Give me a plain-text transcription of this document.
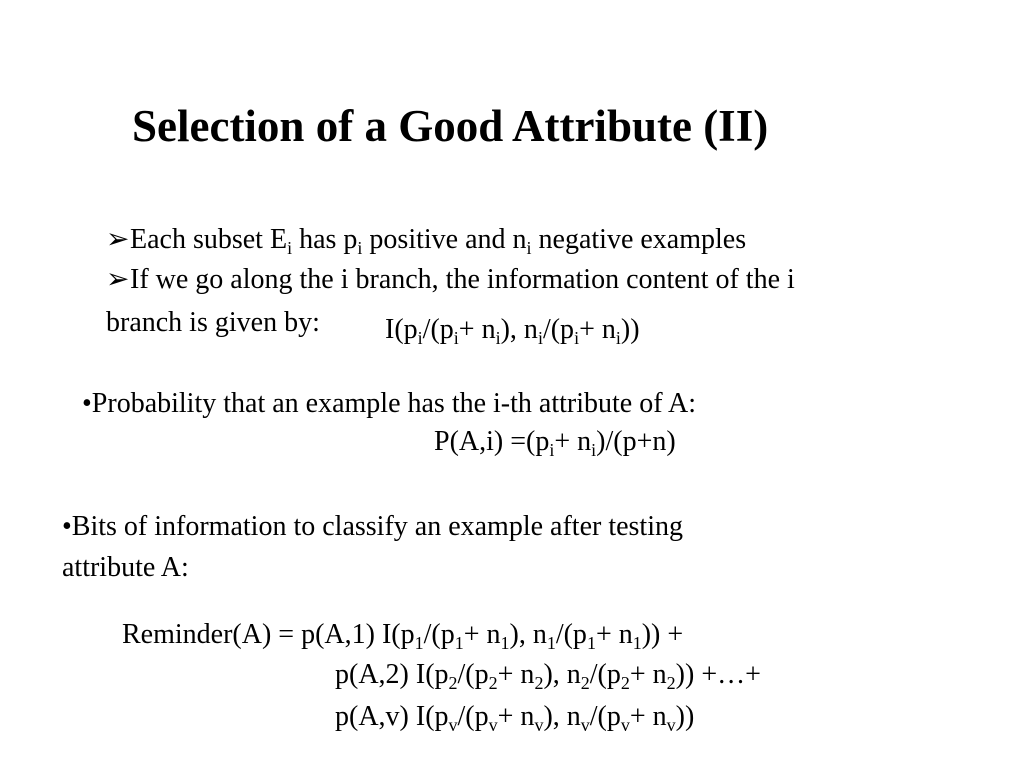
Selection of a Good Attribute (II)
➢Each subset $E_i$ has $p_i$ positive and $n_i$ negative examples
➢If we go along the i branch, the information content of the i
branch is given by: $I(p_i/(p_i+ n_i)$, $n_i/(p_i+ n_i)$)
•Probability that an example has the i-th attribute of A:
$P(A,i) =(p_i+ n_i)/(p+n)$
•Bits of information to classify an example after testing
attribute A:
Reminder(A) = p(A,1) $I(p_1/(p_1+ n_1)$, $n_1/(p_1+ n_1)$) +
p(A,2) $I(p_2/(p_2+ n_2)$, $n_2/(p_2+ n_2)$) +…+
p(A,v) $I(p_v/(p_v+ n_v)$, $n_v/(p_v+ n_v)$)
